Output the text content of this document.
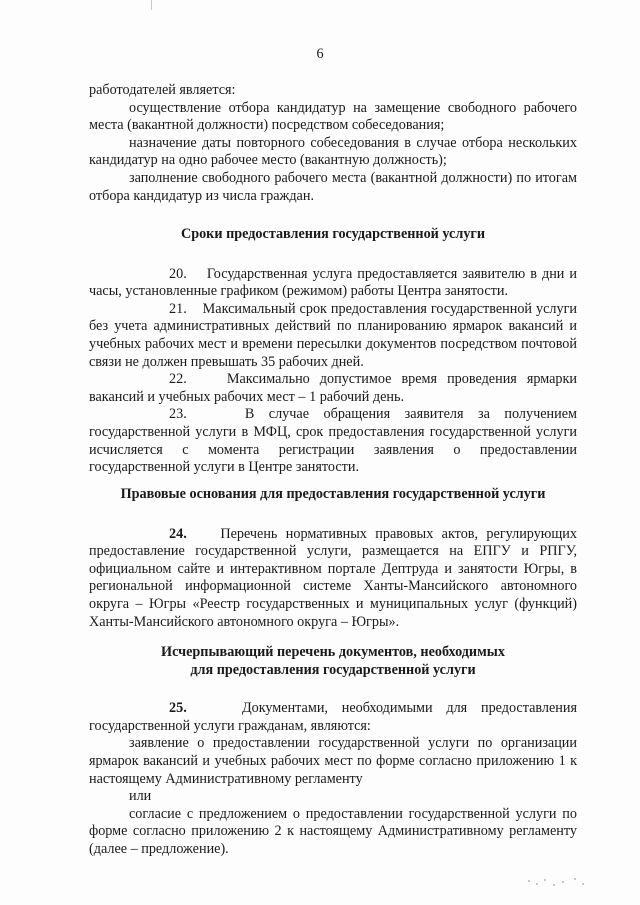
6

работодателей является:

осуществление отбора кандидатур на замещение свободного рабочего места (вакантной должности) посредством собеседования;

назначение даты повторного собеседования в случае отбора нескольких кандидатур на одно рабочее место (вакантную должность);

заполнение свободного рабочего места (вакантной должности) по итогам отбора кандидатур из числа граждан.

Сроки предоставления государственной услуги

20. Государственная услуга предоставляется заявителю в дни и часы, установленные графиком (режимом) работы Центра занятости.

21. Максимальный срок предоставления государственной услуги без учета административных действий по планированию ярмарок вакансий и учебных рабочих мест и времени пересылки документов посредством почтовой связи не должен превышать 35 рабочих дней.

22.	Максимально допустимое время проведения ярмарки вакансий и учебных рабочих мест – 1 рабочий день.

23.	В случае обращения заявителя за получением государственной услуги в МФЦ, срок предоставления государственной услуги исчисляется с момента регистрации заявления о предоставлении государственной услуги в Центре занятости.

Правовые основания для предоставления государственной услуги

24. Перечень нормативных правовых актов, регулирующих предоставление государственной услуги, размещается на ЕПГУ и РПГУ, официальном сайте и интерактивном портале Дептруда и занятости Югры, в региональной информационной системе Ханты-Мансийского автономного округа – Югры «Реестр государственных и муниципальных услуг (функций) Ханты-Мансийского автономного округа – Югры».

Исчерпывающий перечень документов, необходимых

для предоставления государственной услуги

25.	Документами, необходимыми для предоставления государственной услуги гражданам, являются:

заявление о предоставлении государственной услуги по организации ярмарок вакансий и учебных рабочих мест по форме согласно приложению 1 к настоящему Административному регламенту

или

согласие с предложением о предоставлении государственной услуги по форме согласно приложению 2 к настоящему Административному регламенту (далее – предложение).
